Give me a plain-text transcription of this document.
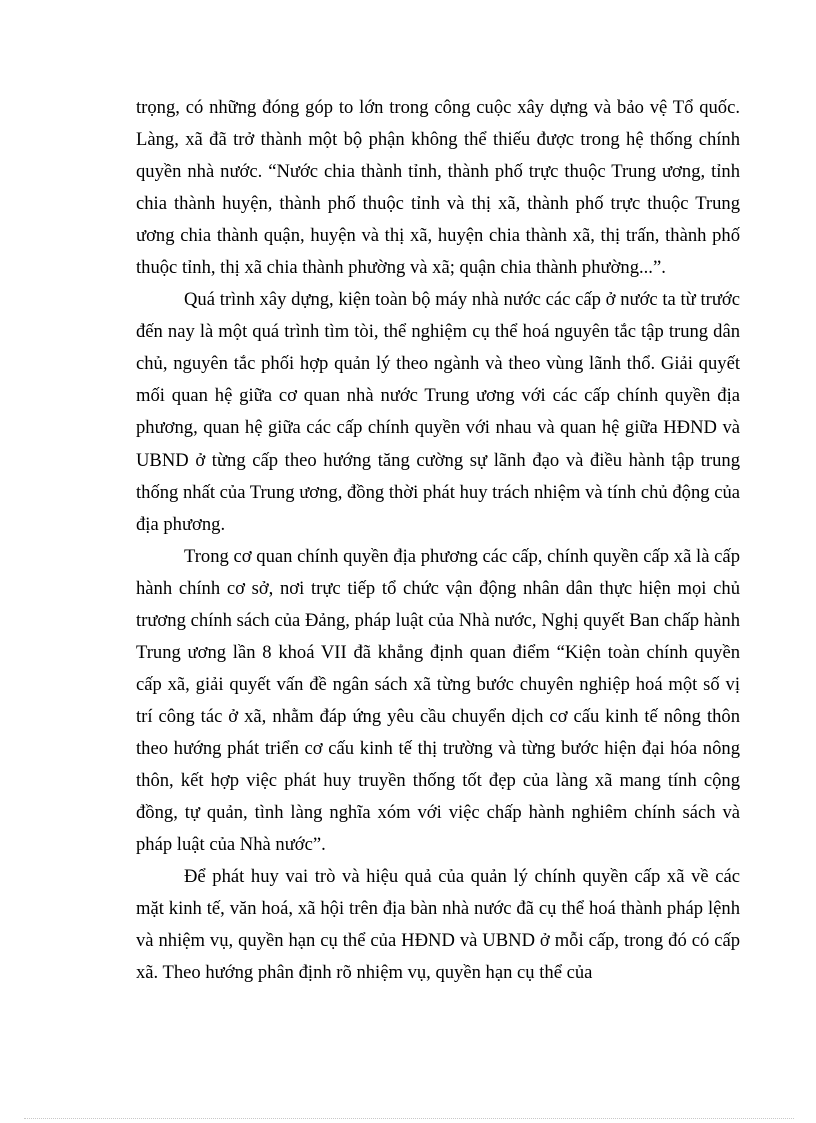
trọng, có những đóng góp to lớn trong công cuộc xây dựng và bảo vệ Tổ quốc. Làng, xã đã trở thành một bộ phận không thể thiếu được trong hệ thống chính quyền nhà nước. “Nước chia thành tỉnh, thành phố trực thuộc Trung ương, tỉnh chia thành huyện, thành phố thuộc tỉnh và thị xã, thành phố trực thuộc Trung ương chia thành quận, huyện và thị xã, huyện chia thành xã, thị trấn, thành phố thuộc tỉnh, thị xã chia thành phường và xã; quận chia thành phường...”.

Quá trình xây dựng, kiện toàn bộ máy nhà nước các cấp ở nước ta từ trước đến nay là một quá trình tìm tòi, thể nghiệm cụ thể hoá nguyên tắc tập trung dân chủ, nguyên tắc phối hợp quản lý theo ngành và theo vùng lãnh thổ. Giải quyết mối quan hệ giữa cơ quan nhà nước Trung ương với các cấp chính quyền địa phương, quan hệ giữa các cấp chính quyền với nhau và quan hệ giữa HĐND và UBND ở từng cấp theo hướng tăng cường sự lãnh đạo và điều hành tập trung thống nhất của Trung ương, đồng thời phát huy trách nhiệm và tính chủ động của địa phương.

Trong cơ quan chính quyền địa phương các cấp, chính quyền cấp xã là cấp hành chính cơ sở, nơi trực tiếp tổ chức vận động nhân dân thực hiện mọi chủ trương chính sách của Đảng, pháp luật của Nhà nước, Nghị quyết Ban chấp hành Trung ương lần 8 khoá VII đã khẳng định quan điểm “Kiện toàn chính quyền cấp xã, giải quyết vấn đề ngân sách xã từng bước chuyên nghiệp hoá một số vị trí công tác ở xã, nhằm đáp ứng yêu cầu chuyển dịch cơ cấu kinh tế nông thôn theo hướng phát triển cơ cấu kinh tế thị trường và từng bước hiện đại hóa nông thôn, kết hợp việc phát huy truyền thống tốt đẹp của làng xã mang tính cộng đồng, tự quản, tình làng nghĩa xóm với việc chấp hành nghiêm chính sách và pháp luật của Nhà nước”.

Để phát huy vai trò và hiệu quả của quản lý chính quyền cấp xã về các mặt kinh tế, văn hoá, xã hội trên địa bàn nhà nước đã cụ thể hoá thành pháp lệnh và nhiệm vụ, quyền hạn cụ thể của HĐND và UBND ở mỗi cấp, trong đó có cấp xã. Theo hướng phân định rõ nhiệm vụ, quyền hạn cụ thể của
